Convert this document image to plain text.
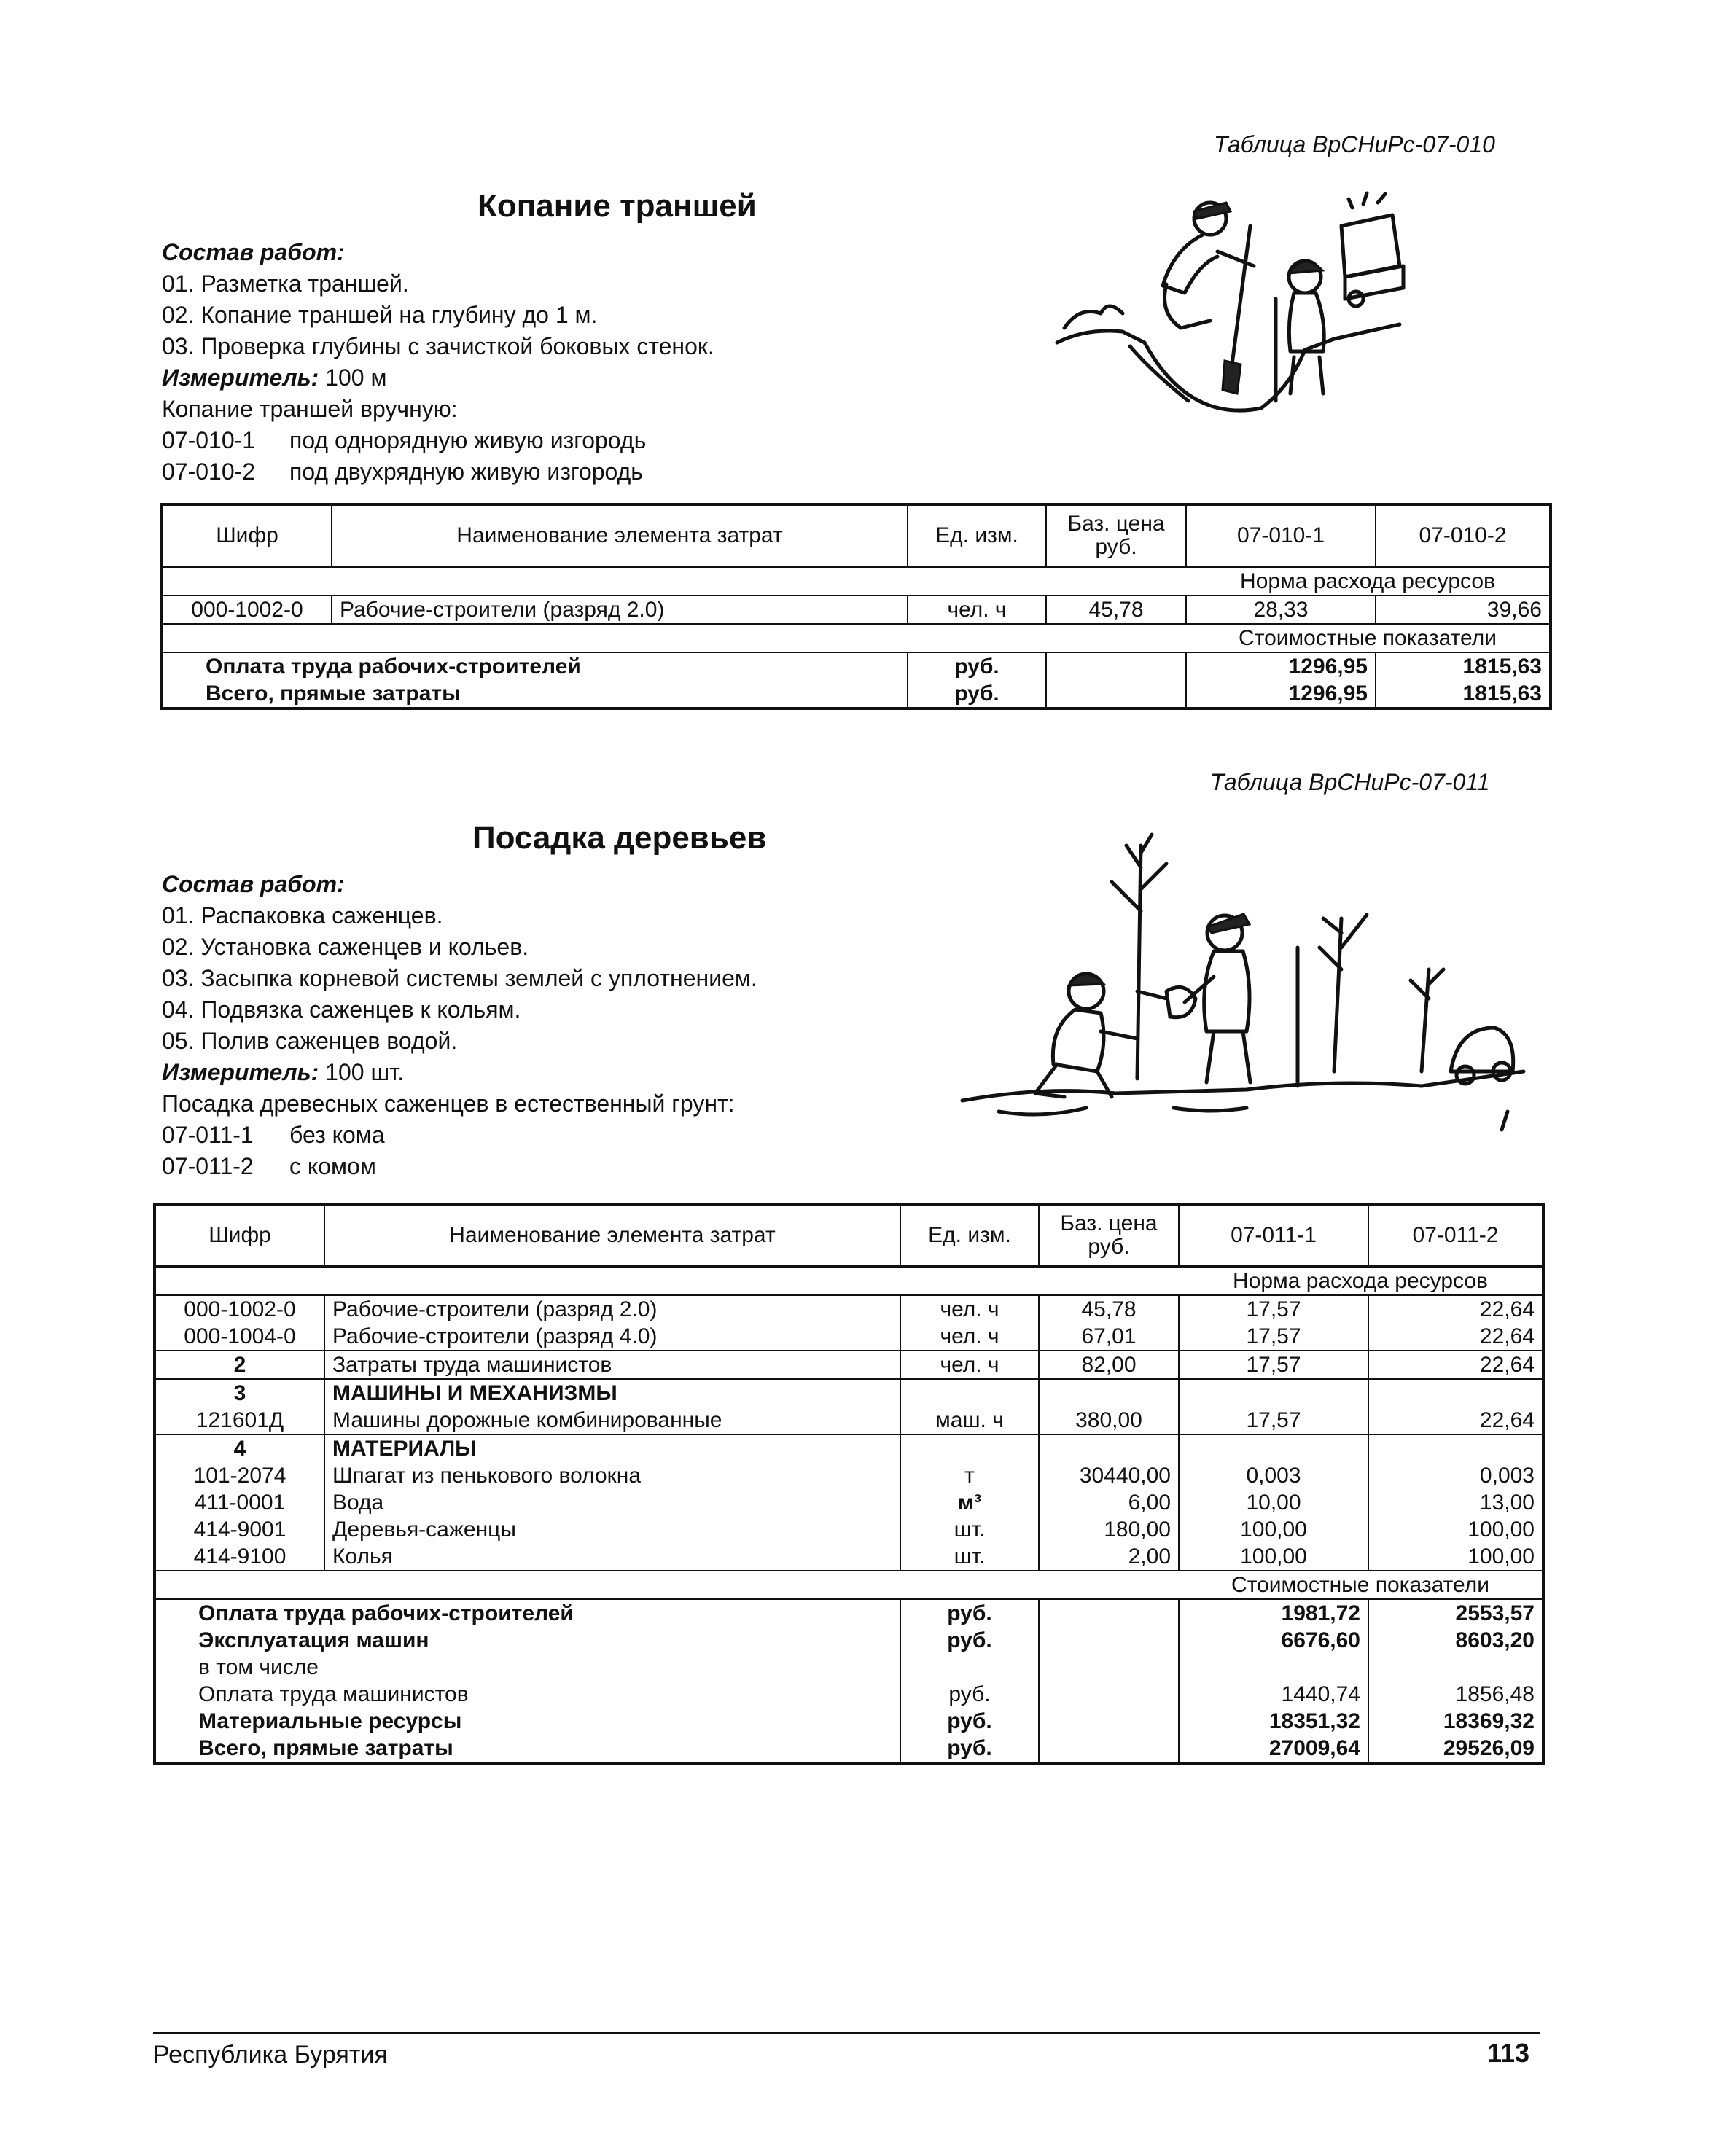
Таблица ВрСНиРс-07-010
Копание траншей
Состав работ:
01. Разметка траншей.
02. Копание траншей на глубину до 1 м.
03. Проверка глубины с зачисткой боковых стенок.
Измеритель: 100 м
Копание траншей вручную:
07-010-1 под однорядную живую изгородь
07-010-2 под двухрядную живую изгородь
Шифр	Наименование элемента затрат	Ед. изм.	Баз. цена руб.	07-010-1	07-010-2
				Норма расхода ресурсов	
000-1002-0	Рабочие-строители (разряд 2.0)	чел. ч	45,78	28,33	39,66
				Стоимостные показатели	
Оплата труда рабочих-строителей		руб.		1296,95	1815,63
Всего, прямые затраты		руб.		1296,95	1815,63
Таблица ВрСНиРс-07-011
Посадка деревьев
Состав работ:
01. Распаковка саженцев.
02. Установка саженцев и кольев.
03. Засыпка корневой системы землей с уплотнением.
04. Подвязка саженцев к кольям.
05. Полив саженцев водой.
Измеритель: 100 шт.
Посадка древесных саженцев в естественный грунт:
07-011-1 без кома
07-011-2 с комом
Шифр	Наименование элемента затрат	Ед. изм.	Баз. цена руб.	07-011-1	07-011-2
				Норма расхода ресурсов	
000-1002-0	Рабочие-строители (разряд 2.0)	чел. ч	45,78	17,57	22,64
000-1004-0	Рабочие-строители (разряд 4.0)	чел. ч	67,01	17,57	22,64
2	Затраты труда машинистов	чел. ч	82,00	17,57	22,64
3	МАШИНЫ И МЕХАНИЗМЫ				
121601Д	Машины дорожные комбинированные	маш. ч	380,00	17,57	22,64
4	МАТЕРИАЛЫ				
101-2074	Шпагат из пенькового волокна	т	30440,00	0,003	0,003
411-0001	Вода	м³	6,00	10,00	13,00
414-9001	Деревья-саженцы	шт.	180,00	100,00	100,00
414-9100	Колья	шт.	2,00	100,00	100,00
				Стоимостные показатели	
Оплата труда рабочих-строителей		руб.		1981,72	2553,57
Эксплуатация машин		руб.		6676,60	8603,20
в том числе					
Оплата труда машинистов		руб.		1440,74	1856,48
Материальные ресурсы		руб.		18351,32	18369,32
Всего, прямые затраты		руб.		27009,64	29526,09
Республика Бурятия	113
